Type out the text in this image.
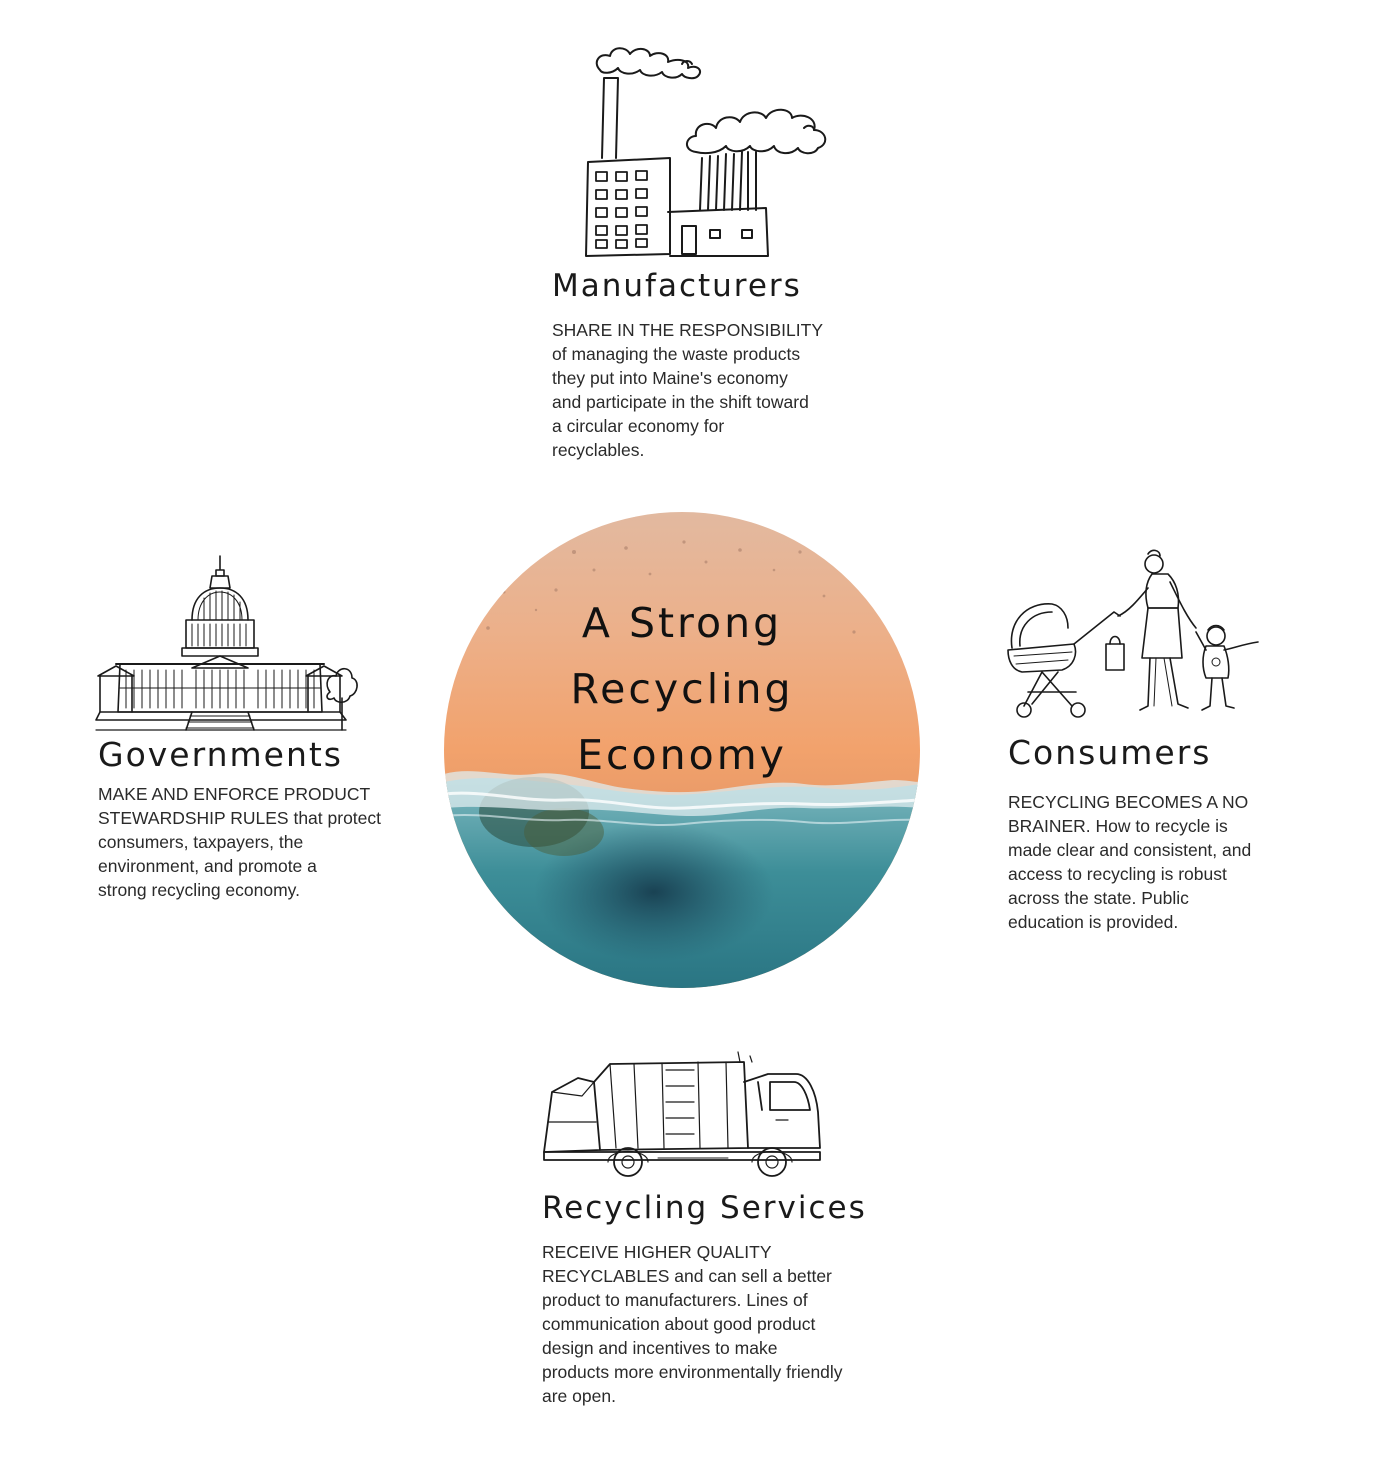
Manufacturers

SHARE IN THE RESPONSIBILITY
of managing the waste products
they put into Maine's economy
and participate in the shift toward
a circular economy for
recyclables.

Governments

MAKE AND ENFORCE PRODUCT
STEWARDSHIP RULES that protect
consumers, taxpayers, the
environment, and promote a
strong recycling economy.

A Strong
Recycling
Economy	Consumers

RECYCLING BECOMES A NO
BRAINER. How to recycle is
made clear and consistent, and
access to recycling is robust
across the state. Public
education is provided.

Recycling Services

RECEIVE HIGHER QUALITY
RECYCLABLES and can sell a better
product to manufacturers. Lines of
communication about good product
design and incentives to make
products more environmentally friendly
are open.
